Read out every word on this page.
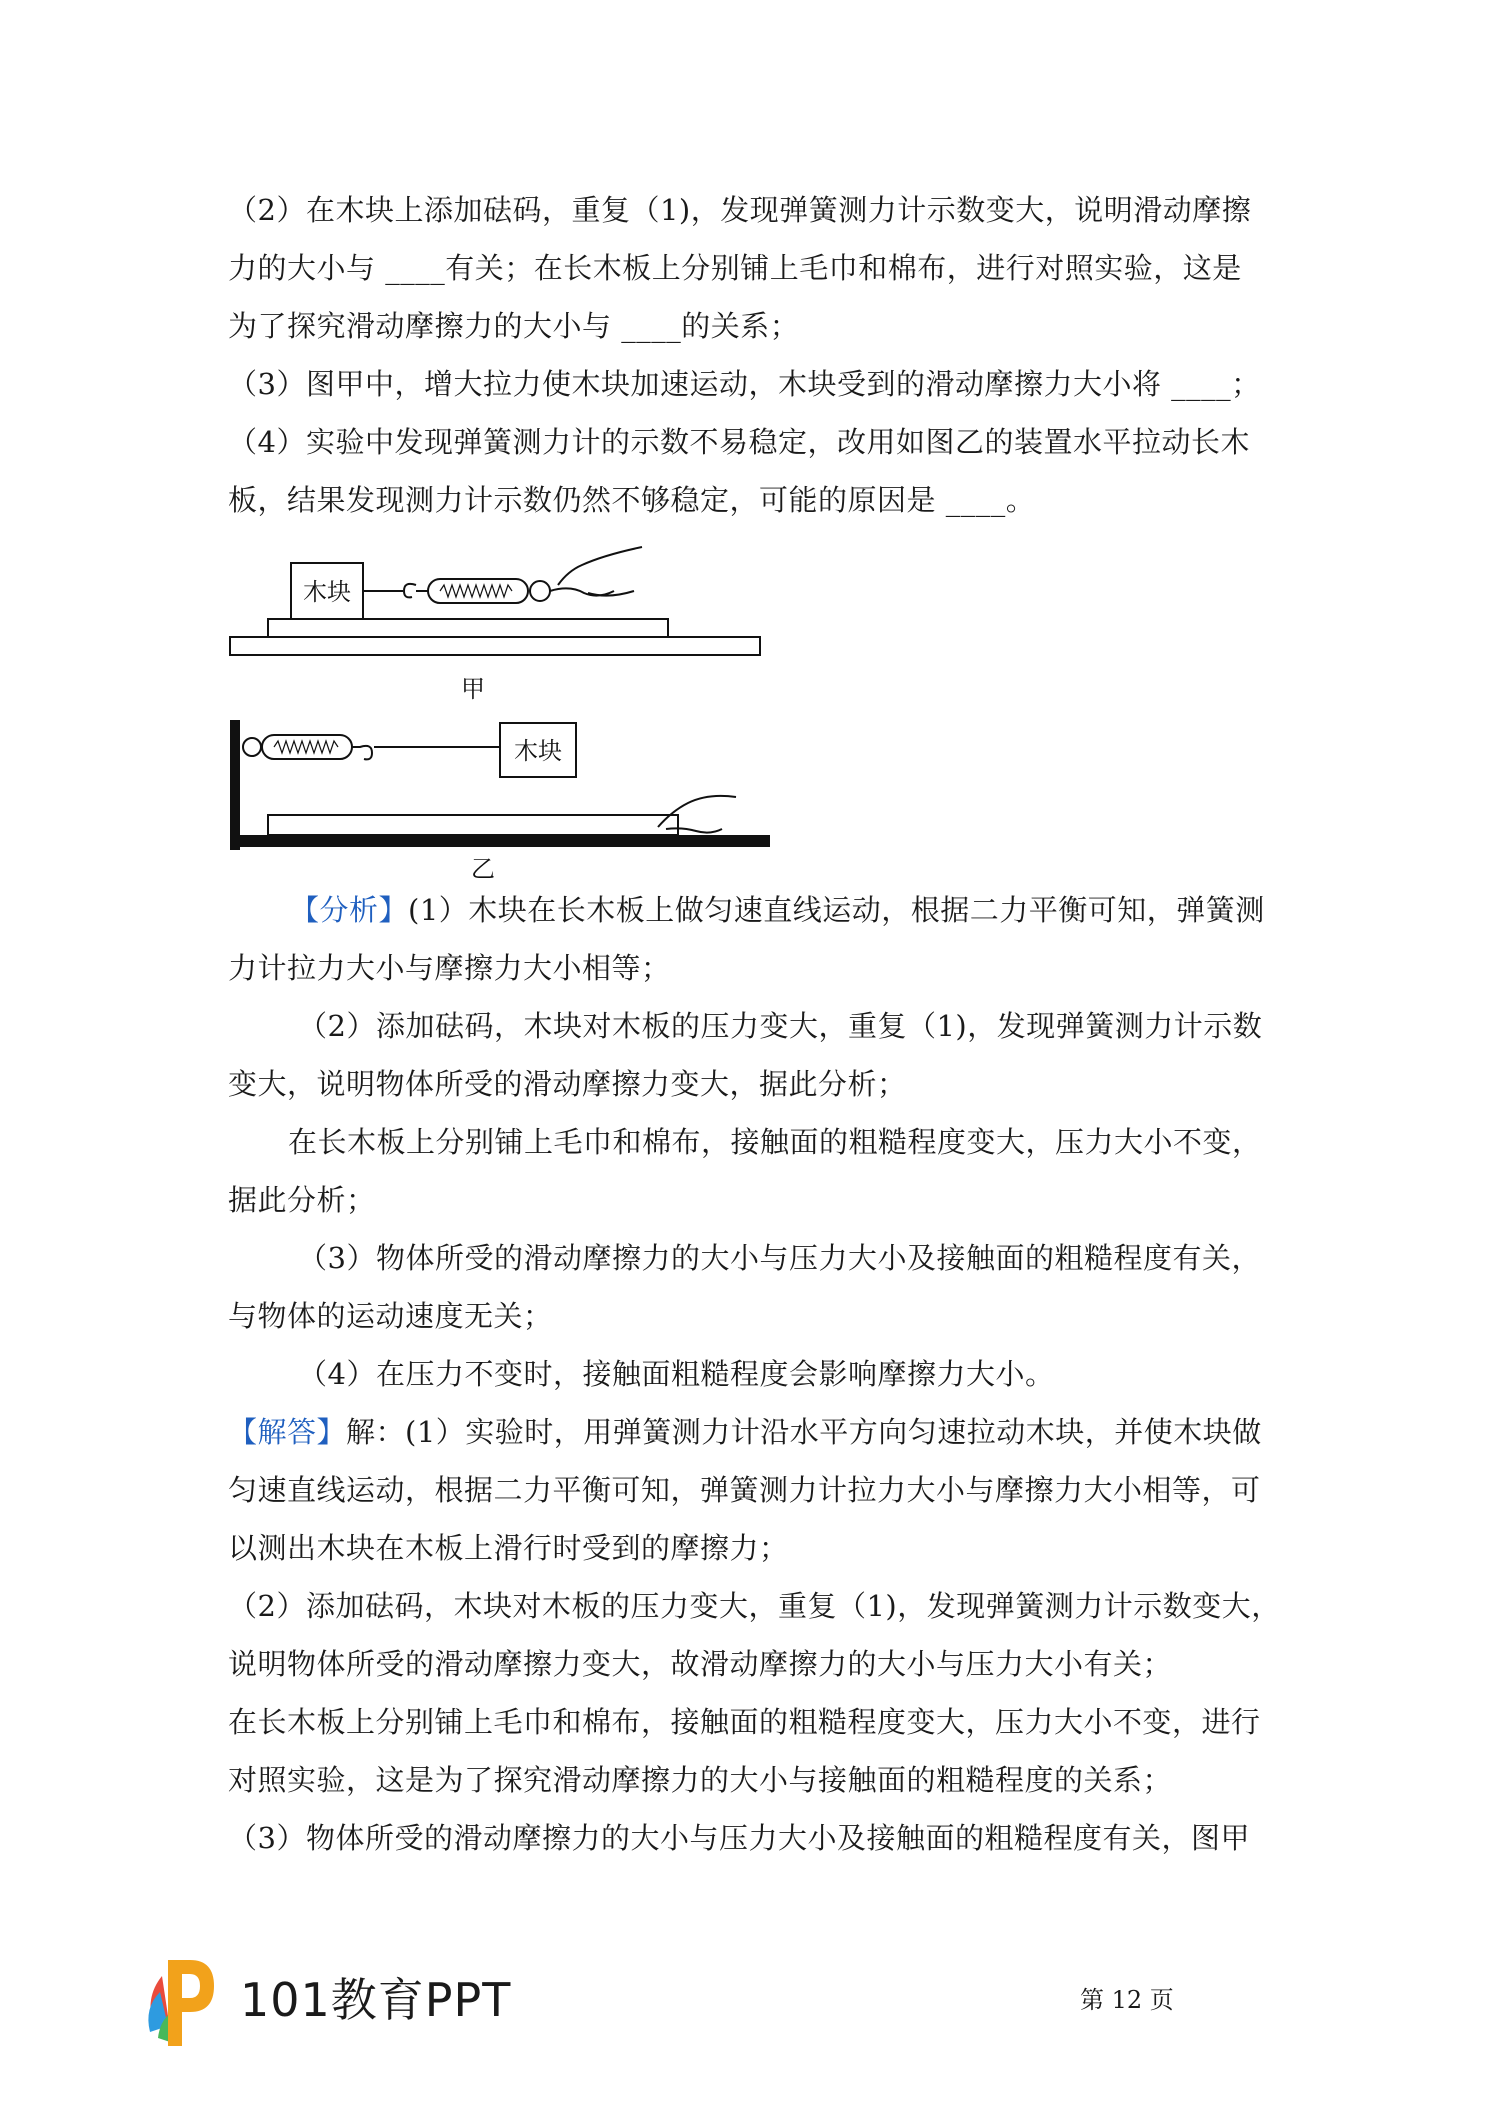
（2）在木块上添加砝码，重复（1)，发现弹簧测力计示数变大，说明滑动摩擦
力的大小与 ____有关；在长木板上分别铺上毛巾和棉布，进行对照实验，这是
为了探究滑动摩擦力的大小与 ____的关系；
（3）图甲中，增大拉力使木块加速运动，木块受到的滑动摩擦力大小将 ____；
（4）实验中发现弹簧测力计的示数不易稳定，改用如图乙的装置水平拉动长木
板，结果发现测力计示数仍然不够稳定，可能的原因是 ____。
甲
木块
木块
乙
【分析】(1）木块在长木板上做匀速直线运动，根据二力平衡可知，弹簧测
力计拉力大小与摩擦力大小相等；
（2）添加砝码，木块对木板的压力变大，重复（1)，发现弹簧测力计示数
变大，说明物体所受的滑动摩擦力变大，据此分析；
在长木板上分别铺上毛巾和棉布，接触面的粗糙程度变大，压力大小不变，
据此分析；
（3）物体所受的滑动摩擦力的大小与压力大小及接触面的粗糙程度有关，
与物体的运动速度无关；
（4）在压力不变时，接触面粗糙程度会影响摩擦力大小。
【解答】解：(1）实验时，用弹簧测力计沿水平方向匀速拉动木块，并使木块做
匀速直线运动，根据二力平衡可知，弹簧测力计拉力大小与摩擦力大小相等，可
以测出木块在木板上滑行时受到的摩擦力；
（2）添加砝码，木块对木板的压力变大，重复（1)，发现弹簧测力计示数变大，
说明物体所受的滑动摩擦力变大，故滑动摩擦力的大小与压力大小有关；
在长木板上分别铺上毛巾和棉布，接触面的粗糙程度变大，压力大小不变，进行
对照实验，这是为了探究滑动摩擦力的大小与接触面的粗糙程度的关系；
（3）物体所受的滑动摩擦力的大小与压力大小及接触面的粗糙程度有关，图甲
101教育PPT	第 12 页
